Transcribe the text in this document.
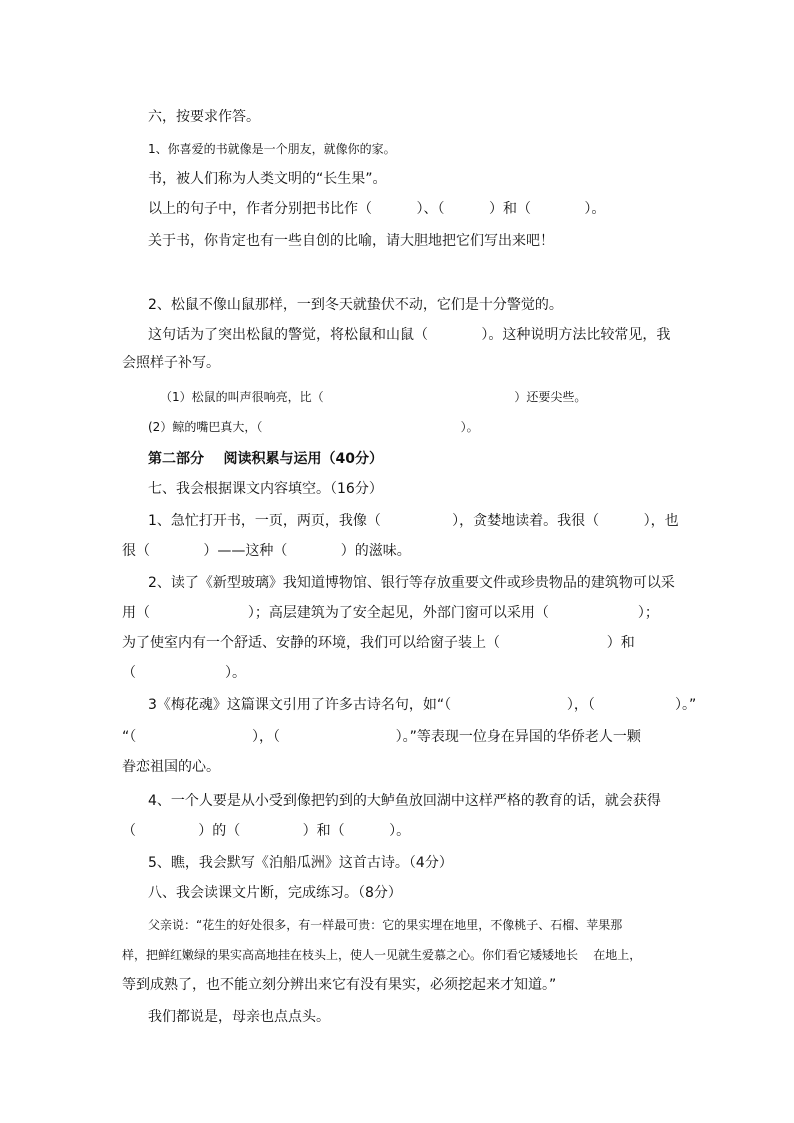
六，按要求作答。
1、你喜爱的书就像是一个朋友，就像你的家。
书，被人们称为人类文明的“长生果”。
以上的句子中，作者分别把书比作（          ）、（          ）和（            ）。
关于书，你肯定也有一些自创的比喻，请大胆地把它们写出来吧！
2、松鼠不像山鼠那样，一到冬天就蛰伏不动，它们是十分警觉的。
这句话为了突出松鼠的警觉，将松鼠和山鼠（            ）。这种说明方法比较常见，我
会照样子补写。
（1）松鼠的叫声很响亮，比（                                                  ）还要尖些。
(2）鲸的嘴巴真大，（                                                    ）。
第二部分    阅读积累与运用（40分）
七、我会根据课文内容填空。（16分）
1、急忙打开书，一页，两页，我像（                ），贪婪地读着。我很（          ），也
很（            ）——这种（            ）的滋味。
2、读了《新型玻璃》我知道博物馆、银行等存放重要文件或珍贵物品的建筑物可以采
用（                      ）；高层建筑为了安全起见，外部门窗可以采用（                    ）；
为了使室内有一个舒适、安静的环境，我们可以给窗子装上（                        ）和
（                    ）。
3《梅花魂》这篇课文引用了许多古诗名句，如“（                          ），（                  ）。”
“（                          ），（                          ）。”等表现一位身在异国的华侨老人一颗
眷恋祖国的心。
4、一个人要是从小受到像把钓到的大鲈鱼放回湖中这样严格的教育的话，就会获得
（              ）的（              ）和（          ）。
5、瞧，我会默写《泊船瓜洲》这首古诗。（4分）
八、我会读课文片断，完成练习。（8分）
父亲说：“花生的好处很多，有一样最可贵：它的果实埋在地里，不像桃子、石榴、苹果那
样，把鲜红嫩绿的果实高高地挂在枝头上，使人一见就生爱慕之心。你们看它矮矮地长    在地上，
等到成熟了，也不能立刻分辨出来它有没有果实，必须挖起来才知道。”
我们都说是，母亲也点点头。
